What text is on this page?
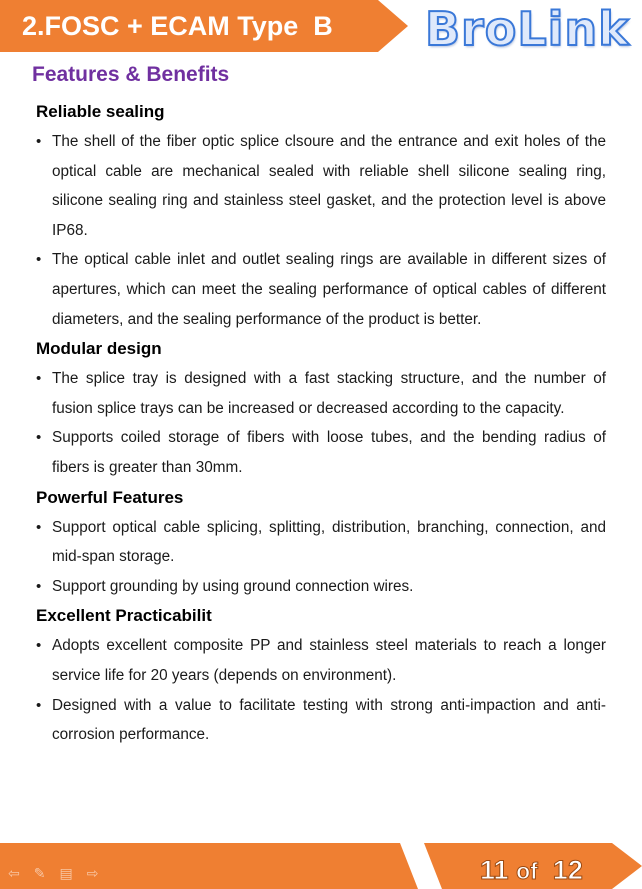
2.FOSC + ECAM Type  B BroLink
Features & Benefits
Reliable sealing
• The shell of the fiber optic splice clsoure and the entrance and exit holes of the optical cable are mechanical sealed with reliable shell silicone sealing ring, silicone sealing ring and stainless steel gasket, and the protection level is above IP68.
• The optical cable inlet and outlet sealing rings are available in different sizes of apertures, which can meet the sealing performance of optical cables of different diameters, and the sealing performance of the product is better.
Modular design
• The splice tray is designed with a fast stacking structure, and the number of fusion splice trays can be increased or decreased according to the capacity.
• Supports coiled storage of fibers with loose tubes, and the bending radius of fibers is greater than 30mm.
Powerful Features
• Support optical cable splicing, splitting, distribution, branching, connection, and mid-span storage.
• Support grounding by using ground connection wires.
Excellent Practicabilit
• Adopts excellent composite PP and stainless steel materials to reach a longer service life for 20 years (depends on environment).
• Designed with a value to facilitate testing with strong anti-impaction and anti-corrosion performance.
⇦ ✎ ▤ ⇨	11 of 12
